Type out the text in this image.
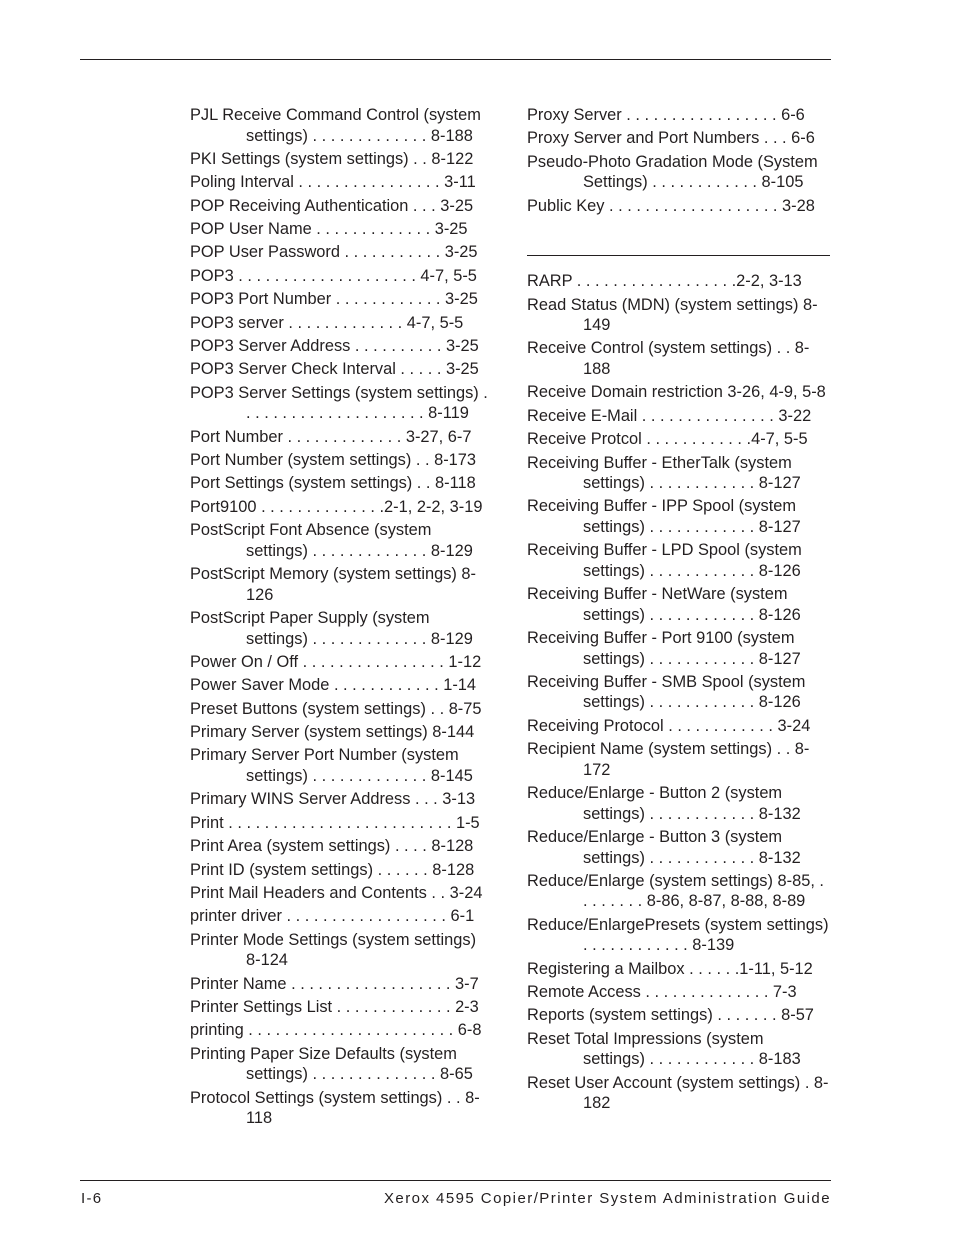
PJL Receive Command Control (system settings) . . . . . . . . . . . . . 8-188
PKI Settings (system settings) . . 8-122
Poling Interval . . . . . . . . . . . . . . . . 3-11
POP Receiving Authentication . . . 3-25
POP User Name . . . . . . . . . . . . . 3-25
POP User Password . . . . . . . . . . . 3-25
POP3 . . . . . . . . . . . . . . . . . . . . 4-7, 5-5
POP3 Port Number . . . . . . . . . . . . 3-25
POP3 server . . . . . . . . . . . . . 4-7, 5-5
POP3 Server Address . . . . . . . . . . 3-25
POP3 Server Check Interval . . . . . 3-25
POP3 Server Settings (system settings) . . . . . . . . . . . . . . . . . . . . . 8-119
Port Number . . . . . . . . . . . . . 3-27, 6-7
Port Number (system settings) . . 8-173
Port Settings (system settings) . . 8-118
Port9100 . . . . . . . . . . . . . .2-1, 2-2, 3-19
PostScript Font Absence (system settings) . . . . . . . . . . . . . 8-129
PostScript Memory (system settings) 8-126
PostScript Paper Supply (system settings) . . . . . . . . . . . . . 8-129
Power On / Off . . . . . . . . . . . . . . . . 1-12
Power Saver Mode . . . . . . . . . . . . 1-14
Preset Buttons (system settings) . . 8-75
Primary Server (system settings) 8-144
Primary Server Port Number (system settings) . . . . . . . . . . . . . 8-145
Primary WINS Server Address . . . 3-13
Print . . . . . . . . . . . . . . . . . . . . . . . . . 1-5
Print Area (system settings) . . . . 8-128
Print ID (system settings) . . . . . . 8-128
Print Mail Headers and Contents . . 3-24
printer driver . . . . . . . . . . . . . . . . . . 6-1
Printer Mode Settings (system settings) 8-124
Printer Name . . . . . . . . . . . . . . . . . . 3-7
Printer Settings List . . . . . . . . . . . . . 2-3
printing . . . . . . . . . . . . . . . . . . . . . . . 6-8
Printing Paper Size Defaults (system settings) . . . . . . . . . . . . . . 8-65
Protocol Settings (system settings) . . 8-118
Proxy Server . . . . . . . . . . . . . . . . . 6-6
Proxy Server and Port Numbers . . . 6-6
Pseudo-Photo Gradation Mode (System Settings) . . . . . . . . . . . . 8-105
Public Key . . . . . . . . . . . . . . . . . . . 3-28
RARP . . . . . . . . . . . . . . . . . .2-2, 3-13
Read Status (MDN) (system settings) 8-149
Receive Control (system settings) . . 8-188
Receive Domain restriction 3-26, 4-9, 5-8
Receive E-Mail . . . . . . . . . . . . . . . 3-22
Receive Protcol . . . . . . . . . . . .4-7, 5-5
Receiving Buffer - EtherTalk (system settings) . . . . . . . . . . . . 8-127
Receiving Buffer - IPP Spool (system settings) . . . . . . . . . . . . 8-127
Receiving Buffer - LPD Spool (system settings) . . . . . . . . . . . . 8-126
Receiving Buffer - NetWare (system settings) . . . . . . . . . . . . 8-126
Receiving Buffer - Port 9100 (system settings) . . . . . . . . . . . . 8-127
Receiving Buffer - SMB Spool (system settings) . . . . . . . . . . . . 8-126
Receiving Protocol . . . . . . . . . . . . 3-24
Recipient Name (system settings) . . 8-172
Reduce/Enlarge - Button 2 (system settings) . . . . . . . . . . . . 8-132
Reduce/Enlarge - Button 3 (system settings) . . . . . . . . . . . . 8-132
Reduce/Enlarge (system settings) 8-85, . . . . . . . . 8-86, 8-87, 8-88, 8-89
Reduce/EnlargePresets (system settings) . . . . . . . . . . . . 8-139
Registering a Mailbox . . . . . .1-11, 5-12
Remote Access . . . . . . . . . . . . . . 7-3
Reports (system settings) . . . . . . . 8-57
Reset Total Impressions (system settings) . . . . . . . . . . . . 8-183
Reset User Account (system settings) . 8-182
I-6	Xerox 4595 Copier/Printer System Administration Guide
